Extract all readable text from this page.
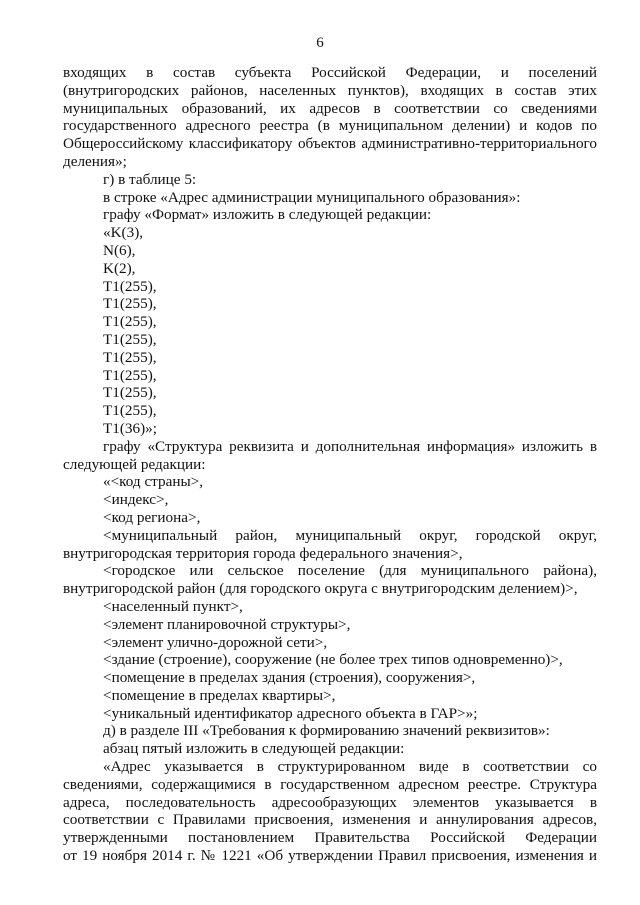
6
входящих в состав субъекта Российской Федерации, и поселений
(внутригородских районов, населенных пунктов), входящих в состав этих
муниципальных образований, их адресов в соответствии со сведениями
государственного адресного реестра (в муниципальном делении) и кодов по
Общероссийскому классификатору объектов административно-территориального
деления»;
г) в таблице 5:
в строке «Адрес администрации муниципального образования»:
графу «Формат» изложить в следующей редакции:
«K(3),
N(6),
K(2),
T1(255),
T1(255),
T1(255),
T1(255),
T1(255),
T1(255),
T1(255),
T1(255),
T1(36)»;
графу «Структура реквизита и дополнительная информация» изложить в
следующей редакции:
«<код страны>,
<индекс>,
<код региона>,
<муниципальный район, муниципальный округ, городской округ,
внутригородская территория города федерального значения>,
<городское или сельское поселение (для муниципального района),
внутригородской район (для городского округа с внутригородским делением)>,
<населенный пункт>,
<элемент планировочной структуры>,
<элемент улично-дорожной сети>,
<здание (строение), сооружение (не более трех типов одновременно)>,
<помещение в пределах здания (строения), сооружения>,
<помещение в пределах квартиры>,
<уникальный идентификатор адресного объекта в ГАР>»;
д) в разделе III «Требования к формированию значений реквизитов»:
абзац пятый изложить в следующей редакции:
«Адрес указывается в структурированном виде в соответствии со
сведениями, содержащимися в государственном адресном реестре. Структура
адреса, последовательность адресообразующих элементов указывается в
соответствии с Правилами присвоения, изменения и аннулирования адресов,
утвержденными постановлением Правительства Российской Федерации
от 19 ноября 2014 г. № 1221 «Об утверждении Правил присвоения, изменения и
